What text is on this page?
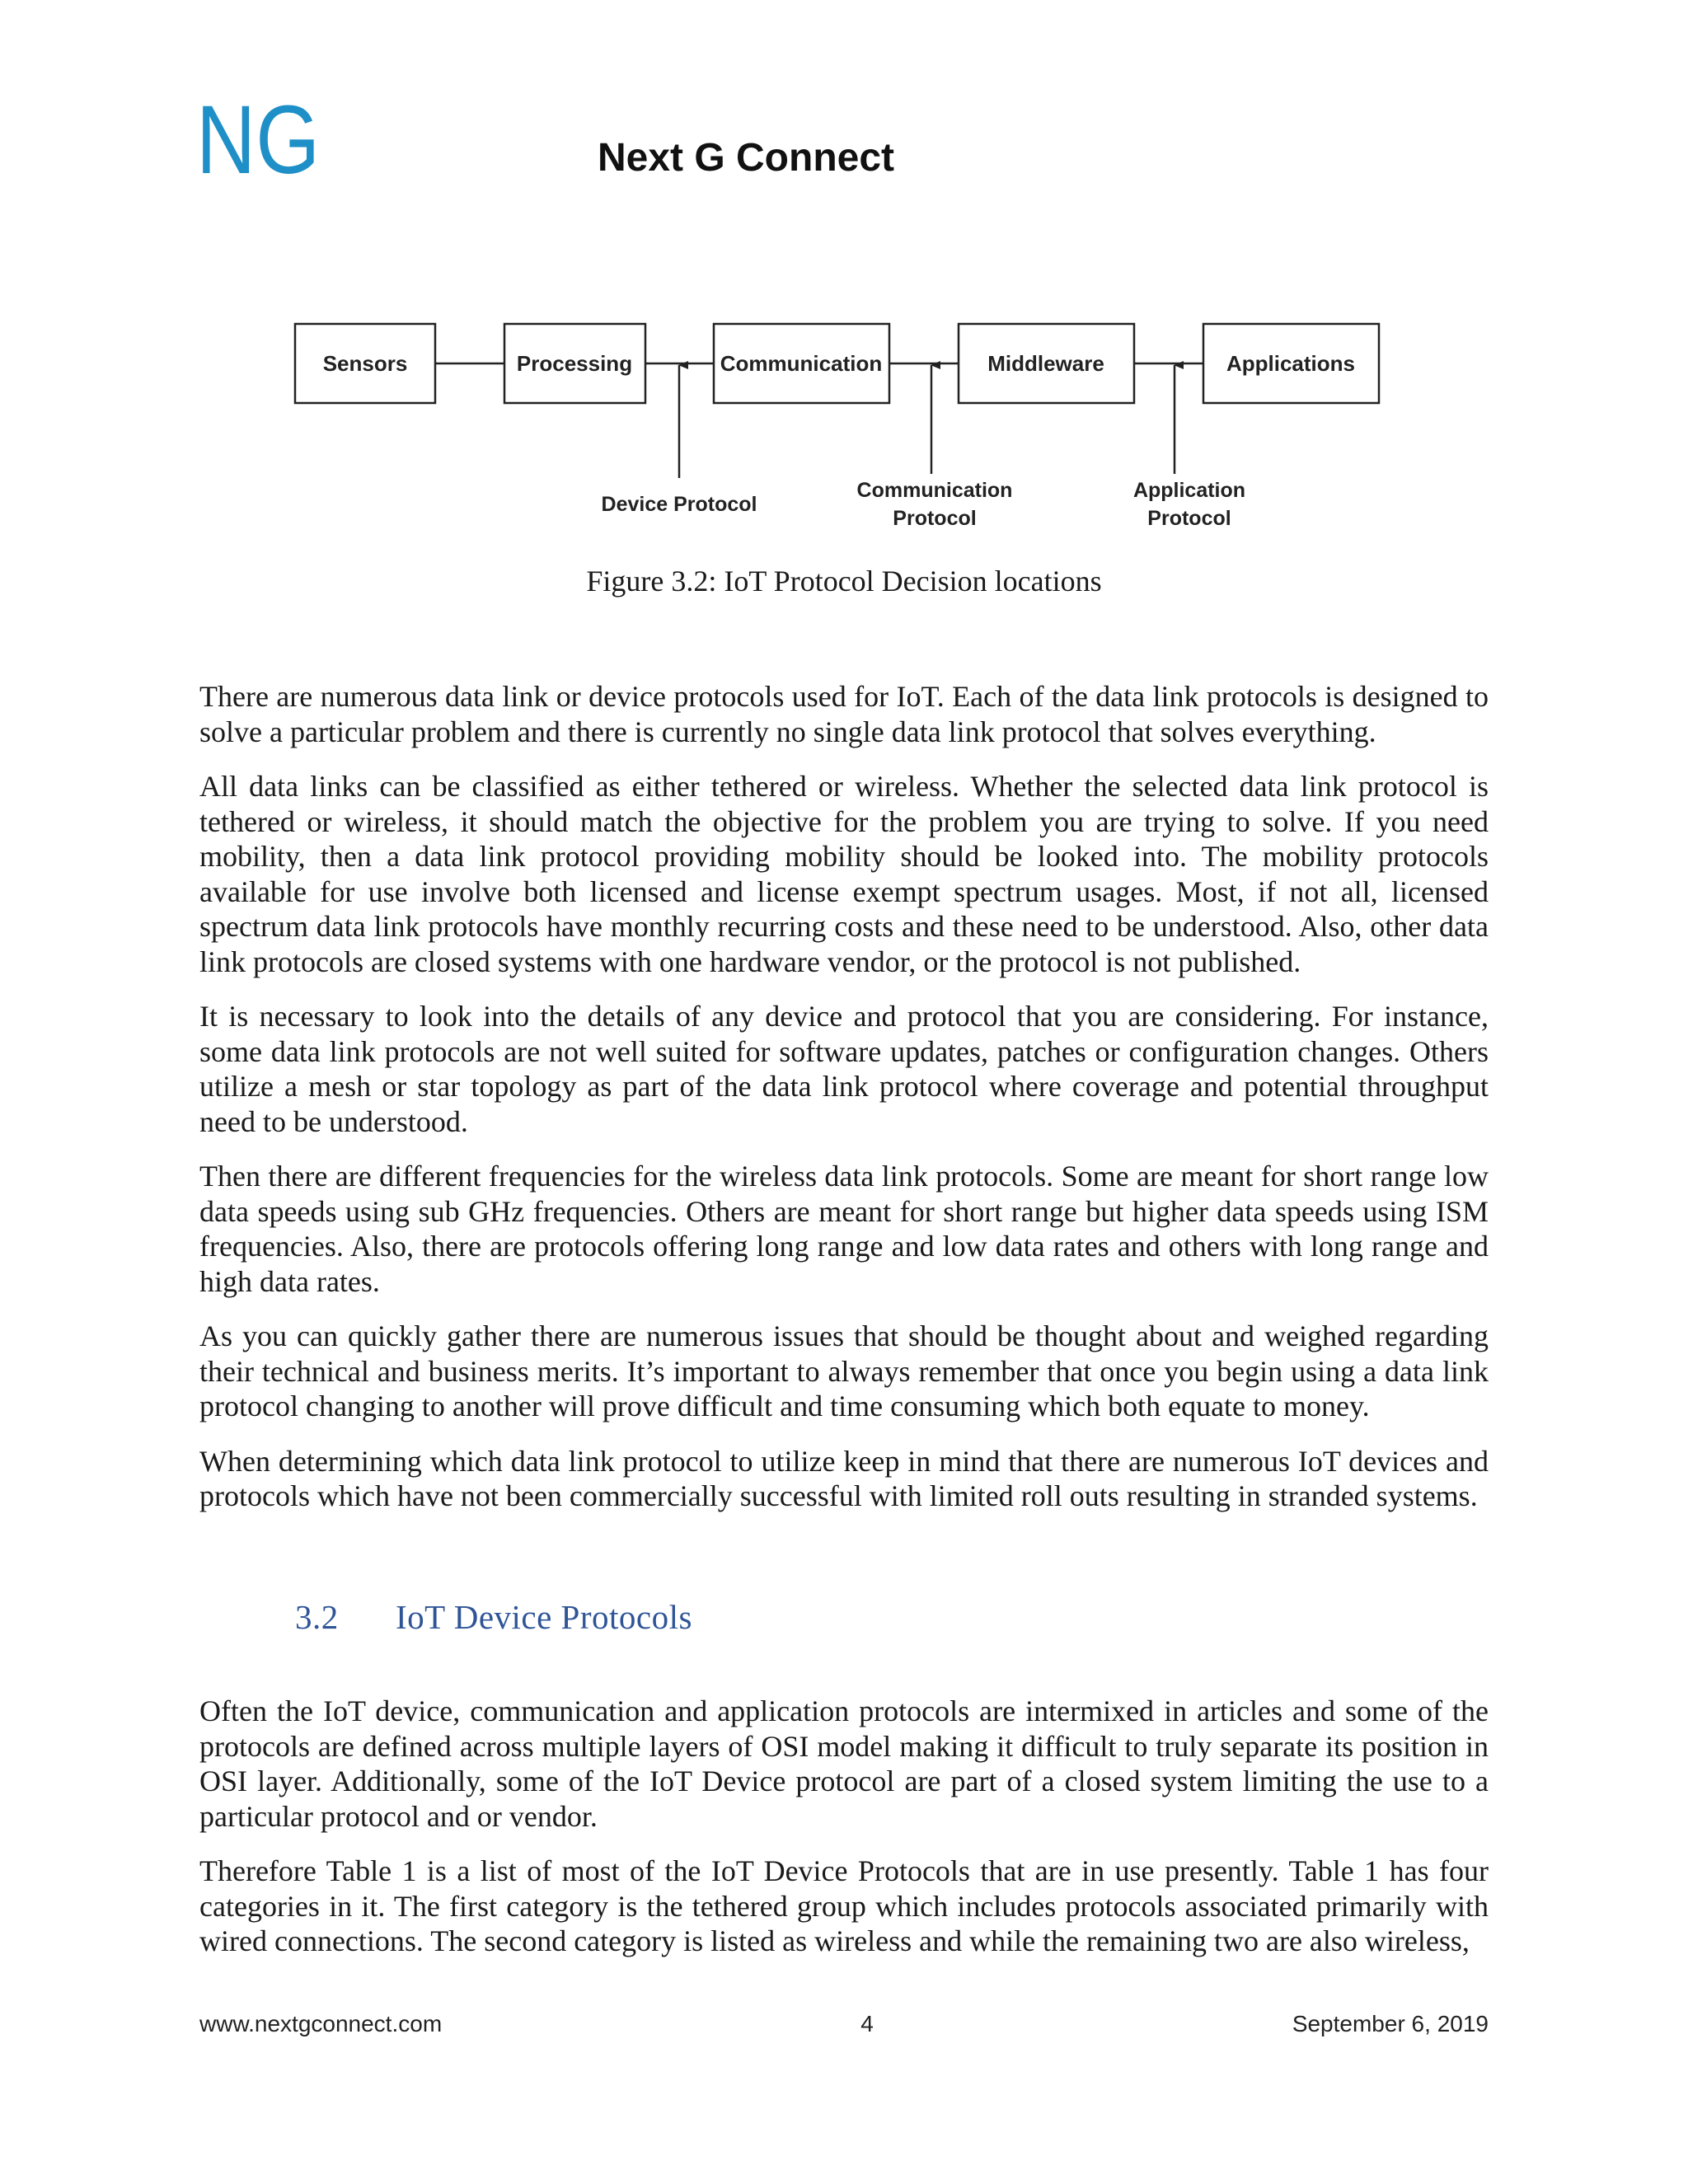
NG	Next G Connect
Sensors	Processing	Communication	Middleware	Applications
Device Protocol
Communication
Protocol
Application
Protocol
Figure 3.2: IoT Protocol Decision locations

There are numerous data link or device protocols used for IoT. Each of the data link protocols is designed to solve a particular problem and there is currently no single data link protocol that solves everything.

All data links can be classified as either tethered or wireless. Whether the selected data link protocol is tethered or wireless, it should match the objective for the problem you are trying to solve. If you need mobility, then a data link protocol providing mobility should be looked into. The mobility protocols available for use involve both licensed and license exempt spectrum usages. Most, if not all, licensed spectrum data link protocols have monthly recurring costs and these need to be understood. Also, other data link protocols are closed systems with one hardware vendor, or the protocol is not published.

It is necessary to look into the details of any device and protocol that you are considering. For instance, some data link protocols are not well suited for software updates, patches or configuration changes. Others utilize a mesh or star topology as part of the data link protocol where coverage and potential throughput need to be understood.

Then there are different frequencies for the wireless data link protocols. Some are meant for short range low data speeds using sub GHz frequencies. Others are meant for short range but higher data speeds using ISM frequencies. Also, there are protocols offering long range and low data rates and others with long range and high data rates.

As you can quickly gather there are numerous issues that should be thought about and weighed regarding their technical and business merits. It’s important to always remember that once you begin using a data link protocol changing to another will prove difficult and time consuming which both equate to money.

When determining which data link protocol to utilize keep in mind that there are numerous IoT devices and protocols which have not been commercially successful with limited roll outs resulting in stranded systems.

3.2 IoT Device Protocols

Often the IoT device, communication and application protocols are intermixed in articles and some of the protocols are defined across multiple layers of OSI model making it difficult to truly separate its position in OSI layer. Additionally, some of the IoT Device protocol are part of a closed system limiting the use to a particular protocol and or vendor.

Therefore Table 1 is a list of most of the IoT Device Protocols that are in use presently. Table 1 has four categories in it. The first category is the tethered group which includes protocols associated primarily with wired connections. The second category is listed as wireless and while the remaining two are also wireless,

www.nextgconnect.com	4	September 6, 2019
